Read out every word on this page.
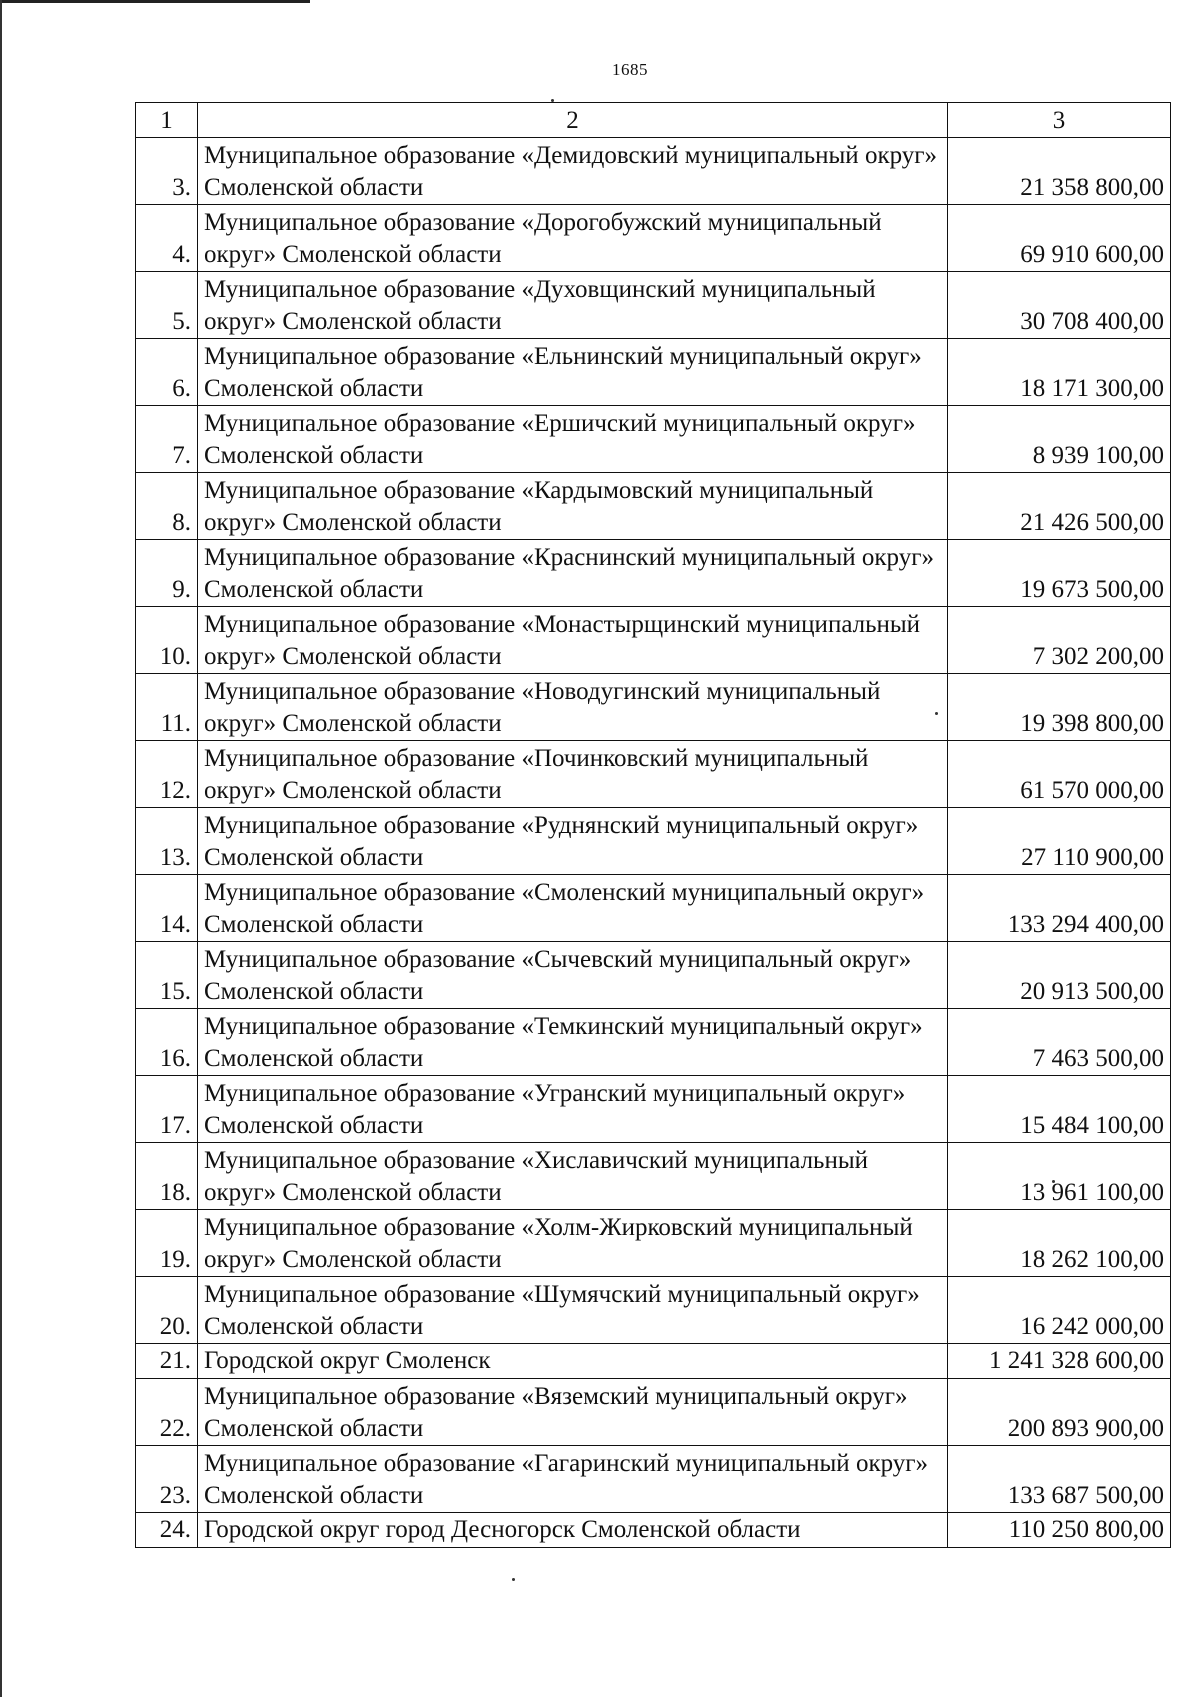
1685
1	2	3
3.	Муниципальное образование «Демидовский муниципальный округ» Смоленской области	21 358 800,00
4.	Муниципальное образование «Дорогобужский муниципальный округ» Смоленской области	69 910 600,00
5.	Муниципальное образование «Духовщинский муниципальный округ» Смоленской области	30 708 400,00
6.	Муниципальное образование «Ельнинский муниципальный округ» Смоленской области	18 171 300,00
7.	Муниципальное образование «Ершичский муниципальный округ» Смоленской области	8 939 100,00
8.	Муниципальное образование «Кардымовский муниципальный округ» Смоленской области	21 426 500,00
9.	Муниципальное образование «Краснинский муниципальный округ» Смоленской области	19 673 500,00
10.	Муниципальное образование «Монастырщинский муниципальный округ» Смоленской области	7 302 200,00
11.	Муниципальное образование «Новодугинский муниципальный округ» Смоленской области	19 398 800,00
12.	Муниципальное образование «Починковский муниципальный округ» Смоленской области	61 570 000,00
13.	Муниципальное образование «Руднянский муниципальный округ» Смоленской области	27 110 900,00
14.	Муниципальное образование «Смоленский муниципальный округ» Смоленской области	133 294 400,00
15.	Муниципальное образование «Сычевский муниципальный округ» Смоленской области	20 913 500,00
16.	Муниципальное образование «Темкинский муниципальный округ» Смоленской области	7 463 500,00
17.	Муниципальное образование «Угранский муниципальный округ» Смоленской области	15 484 100,00
18.	Муниципальное образование «Хиславичский муниципальный округ» Смоленской области	13 961 100,00
19.	Муниципальное образование «Холм-Жирковский муниципальный округ» Смоленской области	18 262 100,00
20.	Муниципальное образование «Шумячский муниципальный округ» Смоленской области	16 242 000,00
21.	Городской округ Смоленск	1 241 328 600,00
22.	Муниципальное образование «Вяземский муниципальный округ» Смоленской области	200 893 900,00
23.	Муниципальное образование «Гагаринский муниципальный округ» Смоленской области	133 687 500,00
24.	Городской округ город Десногорск Смоленской области	110 250 800,00
